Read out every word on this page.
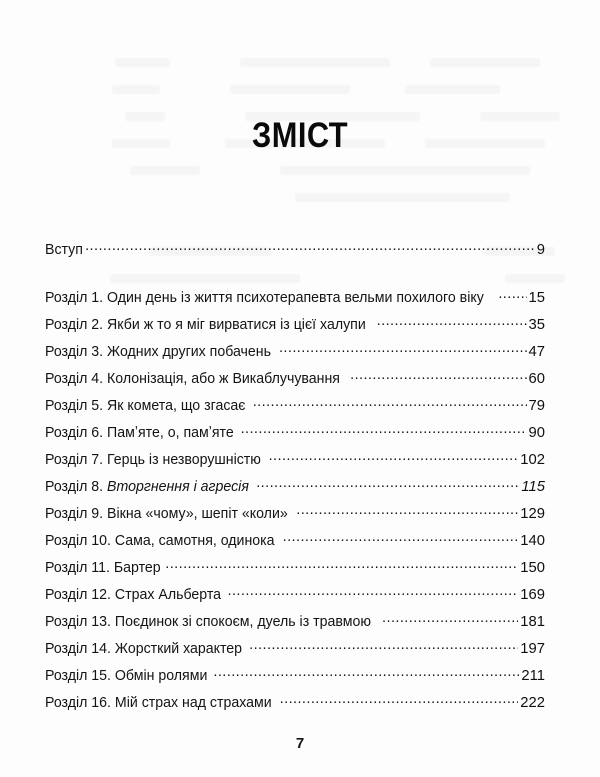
ЗМІСТ
Вступ .....	9
Розділ 1. Один день із життя психотерапевта вельми похилого віку .....	15
Розділ 2. Якби ж то я міг вирватися із цієї халупи .....	35
Розділ 3. Жодних других побачень .....	47
Розділ 4. Колонізація, або ж Викаблучування .....	60
Розділ 5. Як комета, що згасає .....	79
Розділ 6. Памʼяте, о, памʼяте .....	90
Розділ 7. Герць із незворушністю .....	102
Розділ 8. Вторгнення і агресія .....	115
Розділ 9. Вікна «чому», шепіт «коли» .....	129
Розділ 10. Сама, самотня, одинока .....	140
Розділ 11. Бартер .....	150
Розділ 12. Страх Альберта .....	169
Розділ 13. Поєдинок зі спокоєм, дуель із травмою .....	181
Розділ 14. Жорсткий характер .....	197
Розділ 15. Обмін ролями .....	211
Розділ 16. Мій страх над страхами .....	222
7
